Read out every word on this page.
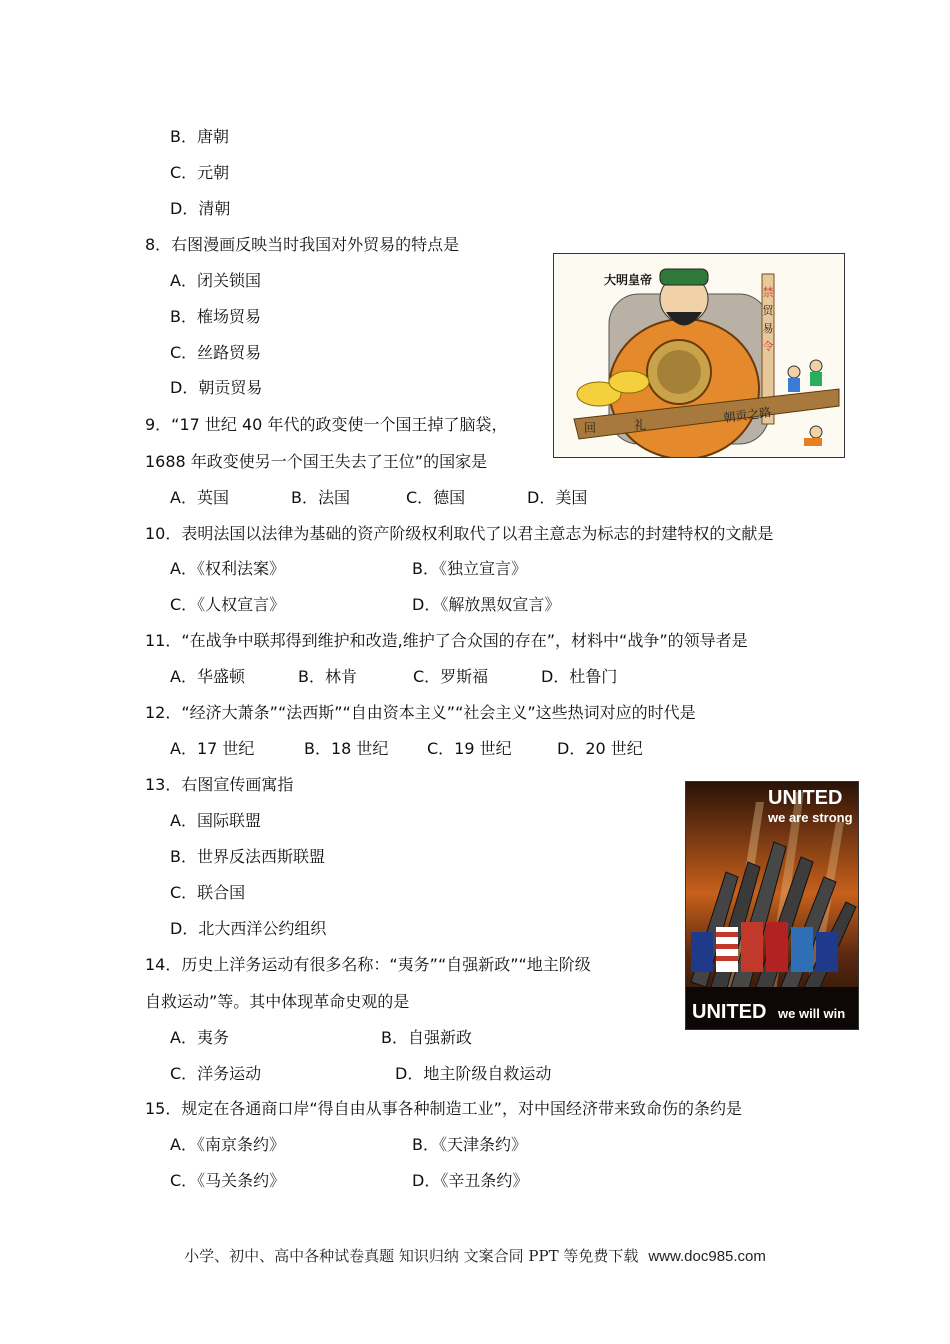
B．唐朝
C．元朝
D．清朝
8．右图漫画反映当时我国对外贸易的特点是
A．闭关锁国
B．榷场贸易
C．丝路贸易
D．朝贡贸易
禁
贸
易
令
朝贡之路
回	礼
大明皇帝
9．“17 世纪 40 年代的政变使一个国王掉了脑袋，
1688 年政变使另一个国王失去了王位”的国家是
A．英国	B．法国	C．德国	D．美国
10．表明法国以法律为基础的资产阶级权利取代了以君主意志为标志的封建特权的文献是
A．《权利法案》	B．《独立宣言》
C．《人权宣言》	D．《解放黑奴宣言》
11．“在战争中联邦得到维护和改造,维护了合众国的存在”，材料中“战争”的领导者是
A．华盛顿	B．林肯	C．罗斯福	D．杜鲁门
12．“经济大萧条”“法西斯”“自由资本主义”“社会主义”这些热词对应的时代是
A．17 世纪	B．18 世纪 C．19 世纪	D．20 世纪
13．右图宣传画寓指
A．国际联盟
B．世界反法西斯联盟
C．联合国
D．北大西洋公约组织
UNITED
we are strong
UNITED we will win
14．历史上洋务运动有很多名称：“夷务”“自强新政”“地主阶级
自救运动”等。其中体现革命史观的是
A．夷务	B．自强新政
C．洋务运动	D．地主阶级自救运动
15．规定在各通商口岸“得自由从事各种制造工业”，对中国经济带来致命伤的条约是
A．《南京条约》	B．《天津条约》
C．《马关条约》	D．《辛丑条约》
小学、初中、高中各种试卷真题 知识归纳 文案合同 PPT 等免费下载 www.doc985.com
